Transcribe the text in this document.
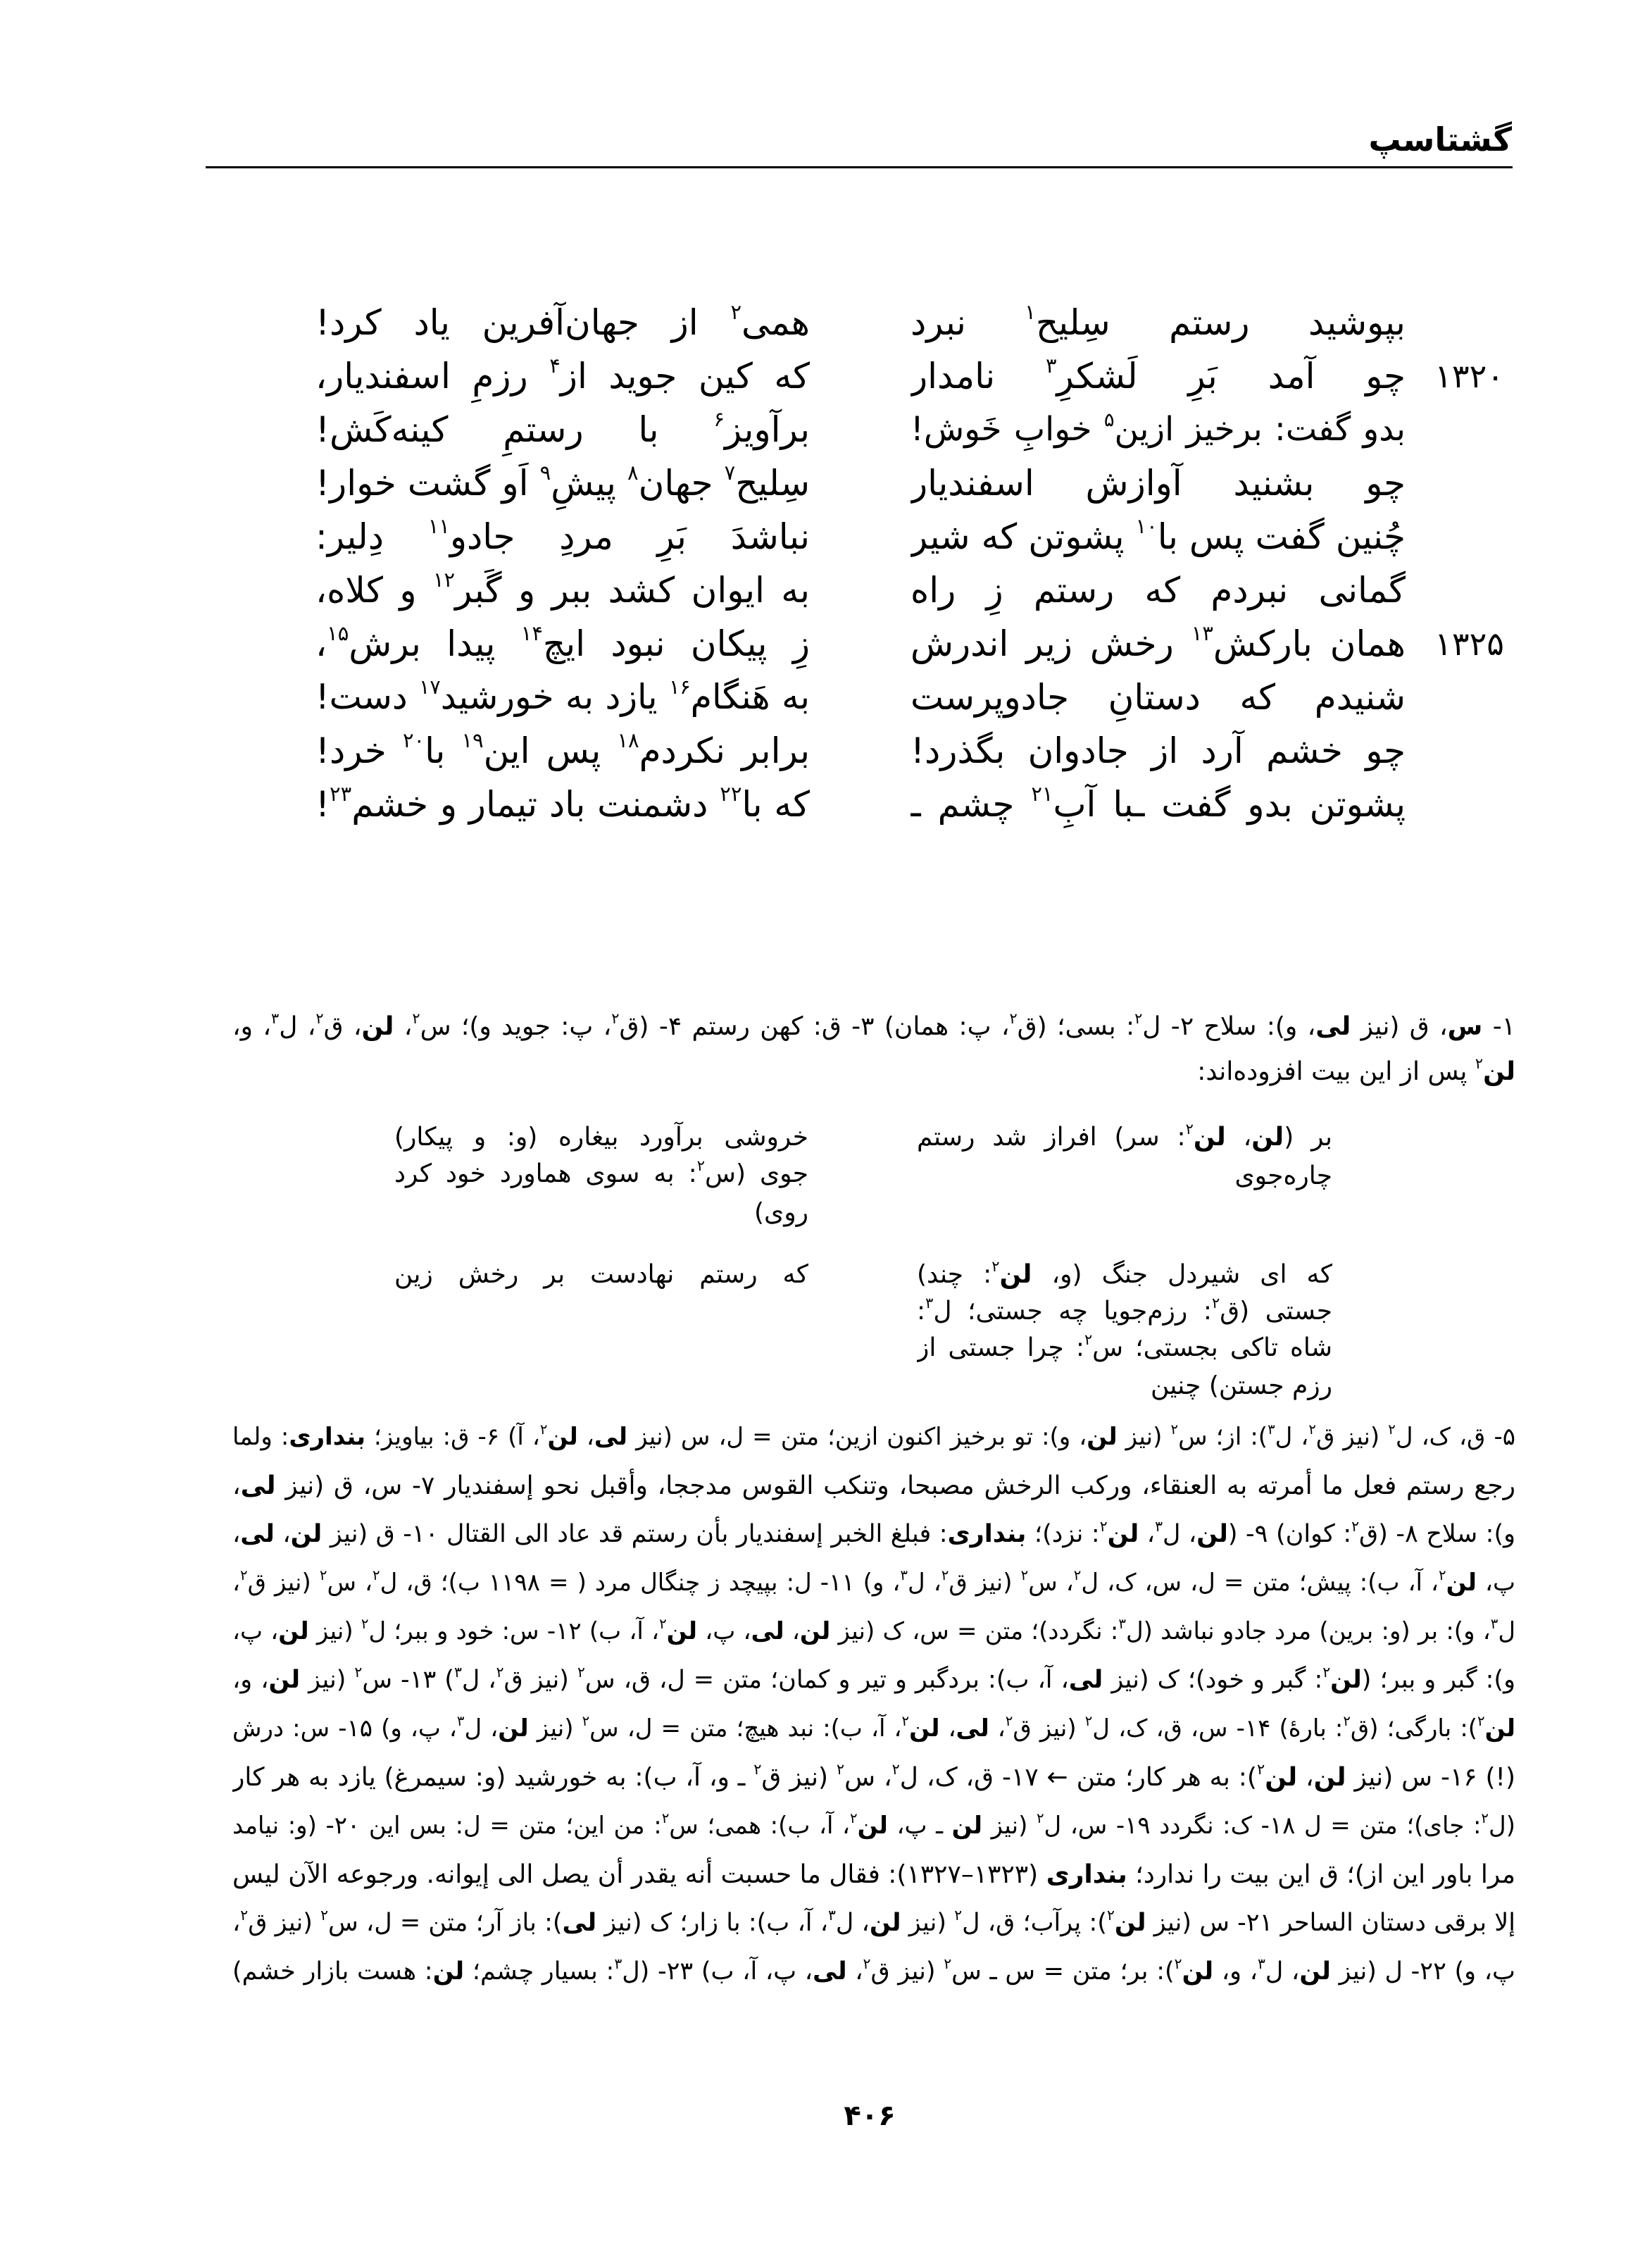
گشتاسپ
بپوشید رستم سِلیح$^۱$ نبرد
همی$^۲$ از جهان‌آفرین یاد کرد!
۱۳۲۰
چو آمد بَرِ لَشکرِ$^۳$ نامدار
که کین جوید از$^۴$ رزمِ اسفندیار،
بدو گفت: برخیز ازین$^۵$ خوابِ خَوش!
برآویز$^۶$ با رستمِ کینه‌کَش!
چو بشنید آوازش اسفندیار
سِلیح$^۷$ جهان$^۸$ پیشِ$^۹$ اَو گشت خوار!
چُنین گفت پس با$^{۱۰}$ پشوتن که شیر
نباشدَ بَرِ مردِ جادو$^{۱۱}$ دِلیر:
گمانی نبردم که رستم زِ راه
به ایوان کشد ببر و گَبر$^{۱۲}$ و کلاه،
۱۳۲۵
همان بارکش$^{۱۳}$ رخش زیر اندرش
زِ پیکان نبود ایچ$^{۱۴}$ پیدا برش$^{۱۵}$،
شنیدم که دستانِ جادوپرست
به هَنگام$^{۱۶}$ یازد به خورشید$^{۱۷}$ دست!
چو خشم آرد از جادوان بگذرد!
برابر نکردم$^{۱۸}$ پس این$^{۱۹}$ با$^{۲۰}$ خرد!
پشوتن بدو گفت ـبا آبِ$^{۲۱}$ چشم ـ
که با$^{۲۲}$ دشمنت باد تیمار و خشم$^{۲۳}$!
۱- س، ق (نیز لی، و): سلاح ۲- ل$^۲$: بسی؛ (ق$^۲$، پ: همان) ۳- ق: کهن رستم ۴- (ق$^۲$، پ: جوید و)؛ س$^۲$، لن، ق$^۲$، ل$^۳$، و،
لن$^۲$ پس از این بیت افزوده‌اند:
بر (لن، لن$^۲$: سر) افراز شد رستم
چاره‌جوی
خروشی برآورد بیغاره (و: و پیکار)
جوی (س$^۲$: به سوی هماورد خود کرد
روی)
که ای شیردل جنگ (و، لن$^۲$: چند)
جستی (ق$^۲$: رزم‌جویا چه جستی؛ ل$^۳$:
شاه تاکی بجستی؛ س$^۲$: چرا جستی از
رزم جستن) چنین
که رستم نهادست بر رخش زین
۵- ق، ک، ل$^۲$ (نیز ق$^۲$، ل$^۳$): از؛ س$^۲$ (نیز لن، و): تو برخیز اکنون ازین؛ متن = ل، س (نیز لی، لن$^۲$، آ) ۶- ق: بیاویز؛ بنداری: ولما
رجع رستم فعل ما أمرته به العنقاء، ورکب الرخش مصبحا، وتنکب القوس مدججا، وأقبل نحو إسفندیار ۷- س، ق (نیز لی،
و): سلاح ۸- (ق$^۲$: کوان) ۹- (لن، ل$^۳$، لن$^۲$: نزد)؛ بنداری: فبلغ الخبر إسفندیار بأن رستم قد عاد الی القتال ۱۰- ق (نیز لن، لی،
پ، لن$^۲$، آ، ب): پیش؛ متن = ل، س، ک، ل$^۲$، س$^۲$ (نیز ق$^۲$، ل$^۳$، و) ۱۱- ل: بپیچد ز چنگال مرد ( = ۱۱۹۸ ب)؛ ق، ل$^۲$، س$^۲$ (نیز ق$^۲$،
ل$^۳$، و): بر (و: برین) مرد جادو نباشد (ل$^۳$: نگردد)؛ متن = س، ک (نیز لن، لی، پ، لن$^۲$، آ، ب) ۱۲- س: خود و ببر؛ ل$^۲$ (نیز لن، پ،
و): گبر و ببر؛ (لن$^۲$: گبر و خود)؛ ک (نیز لی، آ، ب): بردگبر و تیر و کمان؛ متن = ل، ق، س$^۲$ (نیز ق$^۲$، ل$^۳$) ۱۳- س$^۲$ (نیز لن، و،
لن$^۲$): بارگی؛ (ق$^۲$: بارهٔ) ۱۴- س، ق، ک، ل$^۲$ (نیز ق$^۲$، لی، لن$^۲$، آ، ب): نبد هیچ؛ متن = ل، س$^۲$ (نیز لن، ل$^۳$، پ، و) ۱۵- س: درش
(!) ۱۶- س (نیز لن، لن$^۲$): به هر کار؛ متن ← ۱۷- ق، ک، ل$^۲$، س$^۲$ (نیز ق$^۲$ ـ و، آ، ب): به خورشید (و: سیمرغ) یازد به هر کار
(ل$^۲$: جای)؛ متن = ل ۱۸- ک: نگردد ۱۹- س، ل$^۲$ (نیز لن ـ پ، لن$^۲$، آ، ب): همی؛ س$^۲$: من این؛ متن = ل: بس این ۲۰- (و: نیامد
مرا باور این از)؛ ق این بیت را ندارد؛ بنداری (۱۳۲۳–۱۳۲۷): فقال ما حسبت أنه یقدر أن یصل الی إیوانه. ورجوعه الآن لیس
إلا برقی دستان الساحر ۲۱- س (نیز لن$^۲$): پرآب؛ ق، ل$^۲$ (نیز لن، ل$^۳$، آ، ب): با زار؛ ک (نیز لی): باز آر؛ متن = ل، س$^۲$ (نیز ق$^۲$،
پ، و) ۲۲- ل (نیز لن، ل$^۳$، و، لن$^۲$): بر؛ متن = س ـ س$^۲$ (نیز ق$^۲$، لی، پ، آ، ب) ۲۳- (ل$^۳$: بسیار چشم؛ لن: هست بازار خشم)
۴۰۶
